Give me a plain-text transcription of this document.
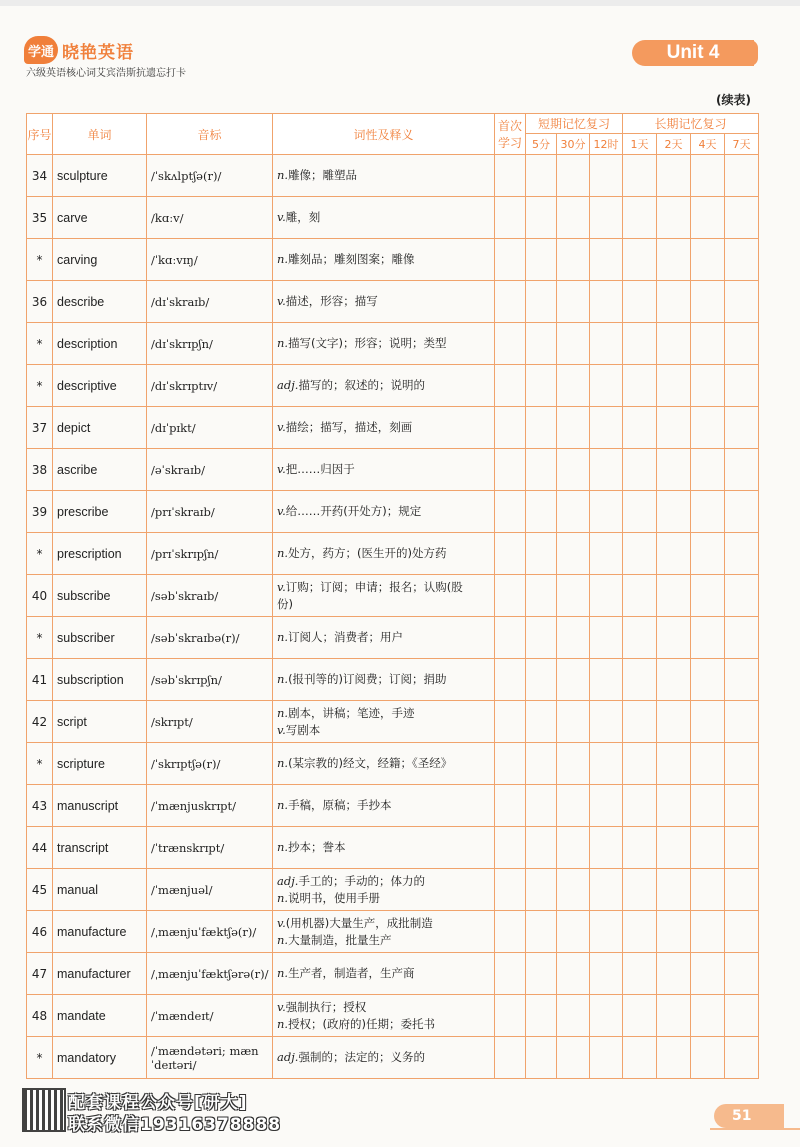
学通 晓艳英语
六级英语核心词艾宾浩斯抗遗忘打卡
Unit 4
(续表)
序号	单词	音标	词性及释义	首次学习	短期记忆复习			长期记忆复习			
					5分	30分	12时	1天	2天	4天	7天
34	sculpture	/ˈskʌlptʃə(r)/	n.雕像；雕塑品								

35	carve	/kɑːv/	v.雕，刻								

*	carving	/ˈkɑːvɪŋ/	n.雕刻品；雕刻图案；雕像								

36	describe	/dɪˈskraɪb/	v.描述，形容；描写								

*	description	/dɪˈskrɪpʃn/	n.描写(文字)；形容；说明；类型								

*	descriptive	/dɪˈskrɪptɪv/	adj.描写的；叙述的；说明的								

37	depict	/dɪˈpɪkt/	v.描绘；描写，描述，刻画								

38	ascribe	/əˈskraɪb/	v.把……归因于								

39	prescribe	/prɪˈskraɪb/	v.给……开药(开处方)；规定								

*	prescription	/prɪˈskrɪpʃn/	n.处方，药方；(医生开的)处方药								

40	subscribe	/səbˈskraɪb/	v.订购；订阅；申请；报名；认购(股
份)								

*	subscriber	/səbˈskraɪbə(r)/	n.订阅人；消费者；用户								

41	subscription	/səbˈskrɪpʃn/	n.(报刊等的)订阅费；订阅；捐助								

42	script	/skrɪpt/	n.剧本，讲稿；笔迹，手迹
v.写剧本								

*	scripture	/ˈskrɪptʃə(r)/	n.(某宗教的)经文，经籍；《圣经》								

43	manuscript	/ˈmænjuskrɪpt/	n.手稿，原稿；手抄本								

44	transcript	/ˈtrænskrɪpt/	n.抄本；誊本								

45	manual	/ˈmænjuəl/	adj.手工的；手动的；体力的
n.说明书，使用手册								

46	manufacture	/ˌmænjuˈfæktʃə(r)/	v.(用机器)大量生产，成批制造
n.大量制造，批量生产								

47	manufacturer	/ˌmænjuˈfæktʃərə(r)/	n.生产者，制造者，生产商								

48	mandate	/ˈmændeɪt/	v.强制执行；授权
n.授权；(政府的)任期；委托书								

*	mandatory	/ˈmændətəri; mænˈdeɪtəri/	adj.强制的；法定的；义务的								

配套课程公众号[研大]
联系微信19316378888	51
